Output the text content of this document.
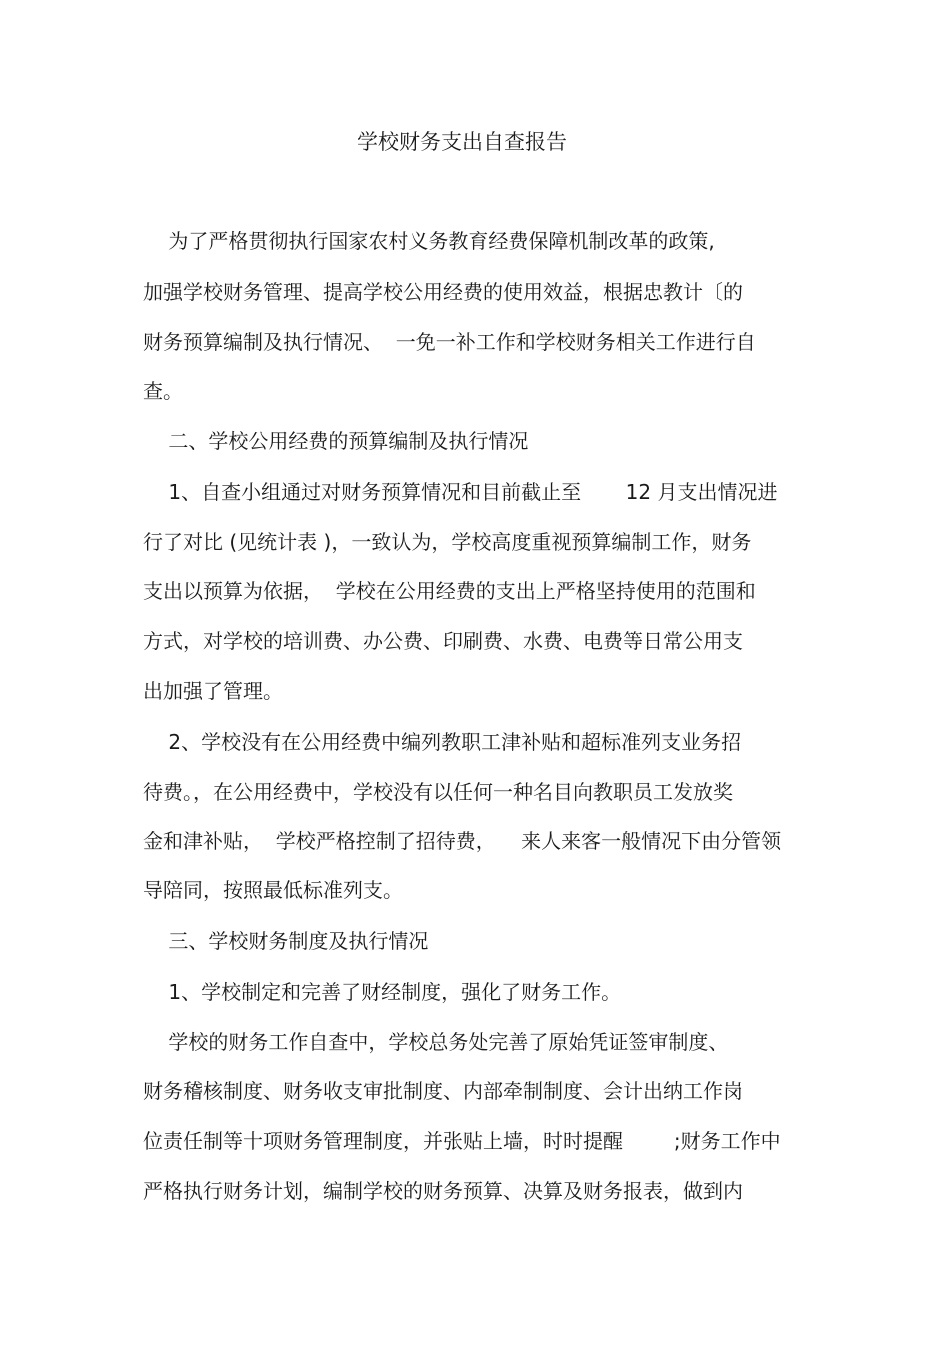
学校财务支出自查报告
为了严格贯彻执行国家农村义务教育经费保障机制改革的政策,
加强学校财务管理、提高学校公用经费的使用效益，根据忠教计〔的
财务预算编制及执行情况、  一免一补工作和学校财务相关工作进行自
查。
二、学校公用经费的预算编制及执行情况
1、自查小组通过对财务预算情况和目前截止至       12 月支出情况进
行了对比 (见统计表 )，一致认为，学校高度重视预算编制工作，财务
支出以预算为依据，  学校在公用经费的支出上严格坚持使用的范围和
方式，对学校的培训费、办公费、印刷费、水费、电费等日常公用支
出加强了管理。
2、学校没有在公用经费中编列教职工津补贴和超标准列支业务招
待费。，在公用经费中，学校没有以任何一种名目向教职员工发放奖
金和津补贴，  学校严格控制了招待费，    来人来客一般情况下由分管领
导陪同，按照最低标准列支。
三、学校财务制度及执行情况
1、学校制定和完善了财经制度，强化了财务工作。
学校的财务工作自查中，学校总务处完善了原始凭证签审制度、
财务稽核制度、财务收支审批制度、内部牵制制度、会计出纳工作岗
位责任制等十项财务管理制度，并张贴上墙，时时提醒        ;财务工作中
严格执行财务计划，编制学校的财务预算、决算及财务报表，做到内
